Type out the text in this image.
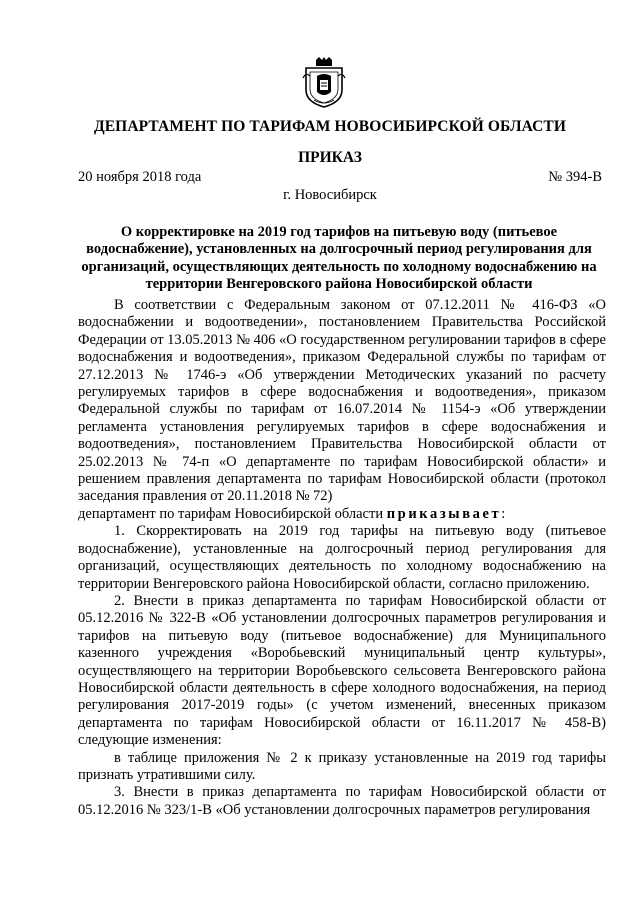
ДЕПАРТАМЕНТ ПО ТАРИФАМ НОВОСИБИРСКОЙ ОБЛАСТИ
ПРИКАЗ
20 ноября 2018 года	№ 394-В
г. Новосибирск
О корректировке на 2019 год тарифов на питьевую воду (питьевое водоснабжение), установленных на долгосрочный период регулирования для организаций, осуществляющих деятельность по холодному водоснабжению на территории Венгеровского района Новосибирской области

В соответствии с Федеральным законом от 07.12.2011 № 416-ФЗ «О водоснабжении и водоотведении», постановлением Правительства Российской Федерации от 13.05.2013 № 406 «О государственном регулировании тарифов в сфере водоснабжения и водоотведения», приказом Федеральной службы по тарифам от 27.12.2013 № 1746-э «Об утверждении Методических указаний по расчету регулируемых тарифов в сфере водоснабжения и водоотведения», приказом Федеральной службы по тарифам от 16.07.2014 № 1154-э «Об утверждении регламента установления регулируемых тарифов в сфере водоснабжения и водоотведения», постановлением Правительства Новосибирской области от 25.02.2013 № 74-п «О департаменте по тарифам Новосибирской области» и решением правления департамента по тарифам Новосибирской области (протокол заседания правления от 20.11.2018 № 72)

департамент по тарифам Новосибирской области приказывает:

1. Скорректировать на 2019 год тарифы на питьевую воду (питьевое водоснабжение), установленные на долгосрочный период регулирования для организаций, осуществляющих деятельность по холодному водоснабжению на территории Венгеровского района Новосибирской области, согласно приложению.

2. Внести в приказ департамента по тарифам Новосибирской области от 05.12.2016 № 322-В «Об установлении долгосрочных параметров регулирования и тарифов на питьевую воду (питьевое водоснабжение) для Муниципального казенного учреждения «Воробьевский муниципальный центр культуры», осуществляющего на территории Воробьевского сельсовета Венгеровского района Новосибирской области деятельность в сфере холодного водоснабжения, на период регулирования 2017-2019 годы» (с учетом изменений, внесенных приказом департамента по тарифам Новосибирской области от 16.11.2017 № 458-В) следующие изменения:

в таблице приложения № 2 к приказу установленные на 2019 год тарифы признать утратившими силу.

3. Внести в приказ департамента по тарифам Новосибирской области от 05.12.2016 № 323/1-В «Об установлении долгосрочных параметров регулирования
